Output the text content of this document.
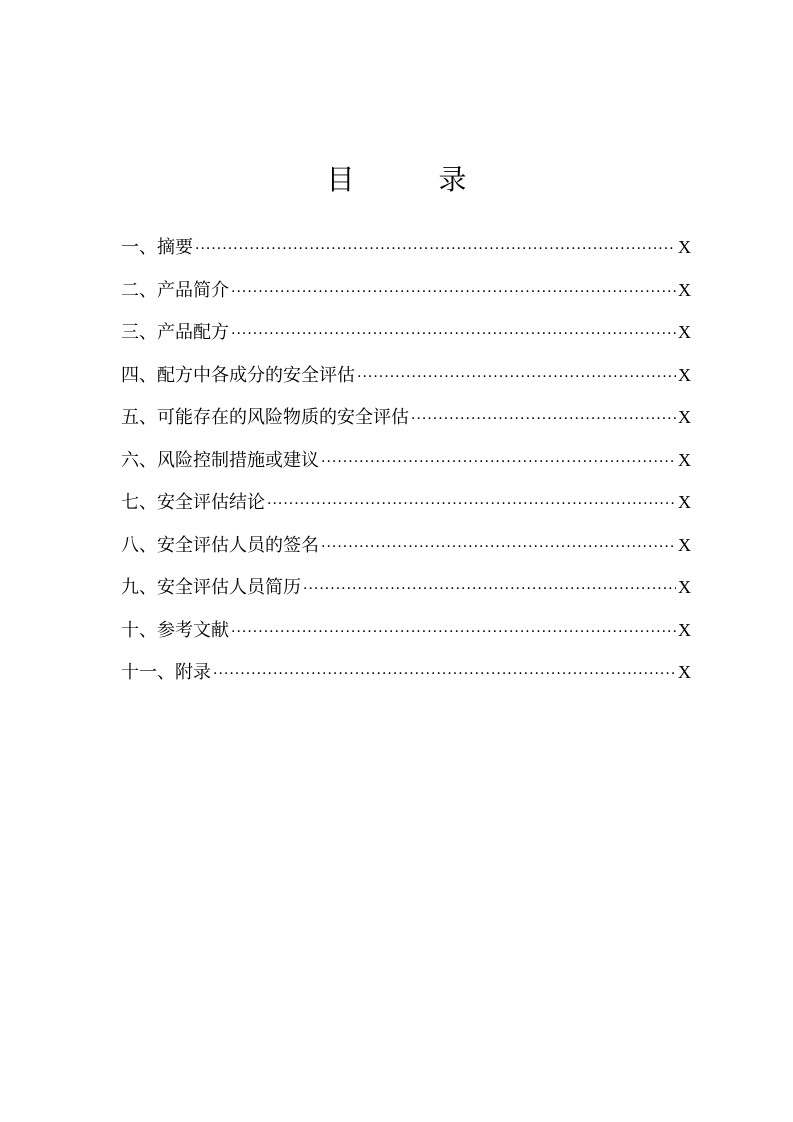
目　录
一、摘要 ·····	X
二、产品简介 ·····	X
三、产品配方 ·····	X
四、配方中各成分的安全评估 ·····	X
五、可能存在的风险物质的安全评估 ·····	X
六、风险控制措施或建议 ·····	X
七、安全评估结论 ·····	X
八、安全评估人员的签名 ·····	X
九、安全评估人员简历 ·····	X
十、参考文献 ·····	X
十一、附录 ·····	X
